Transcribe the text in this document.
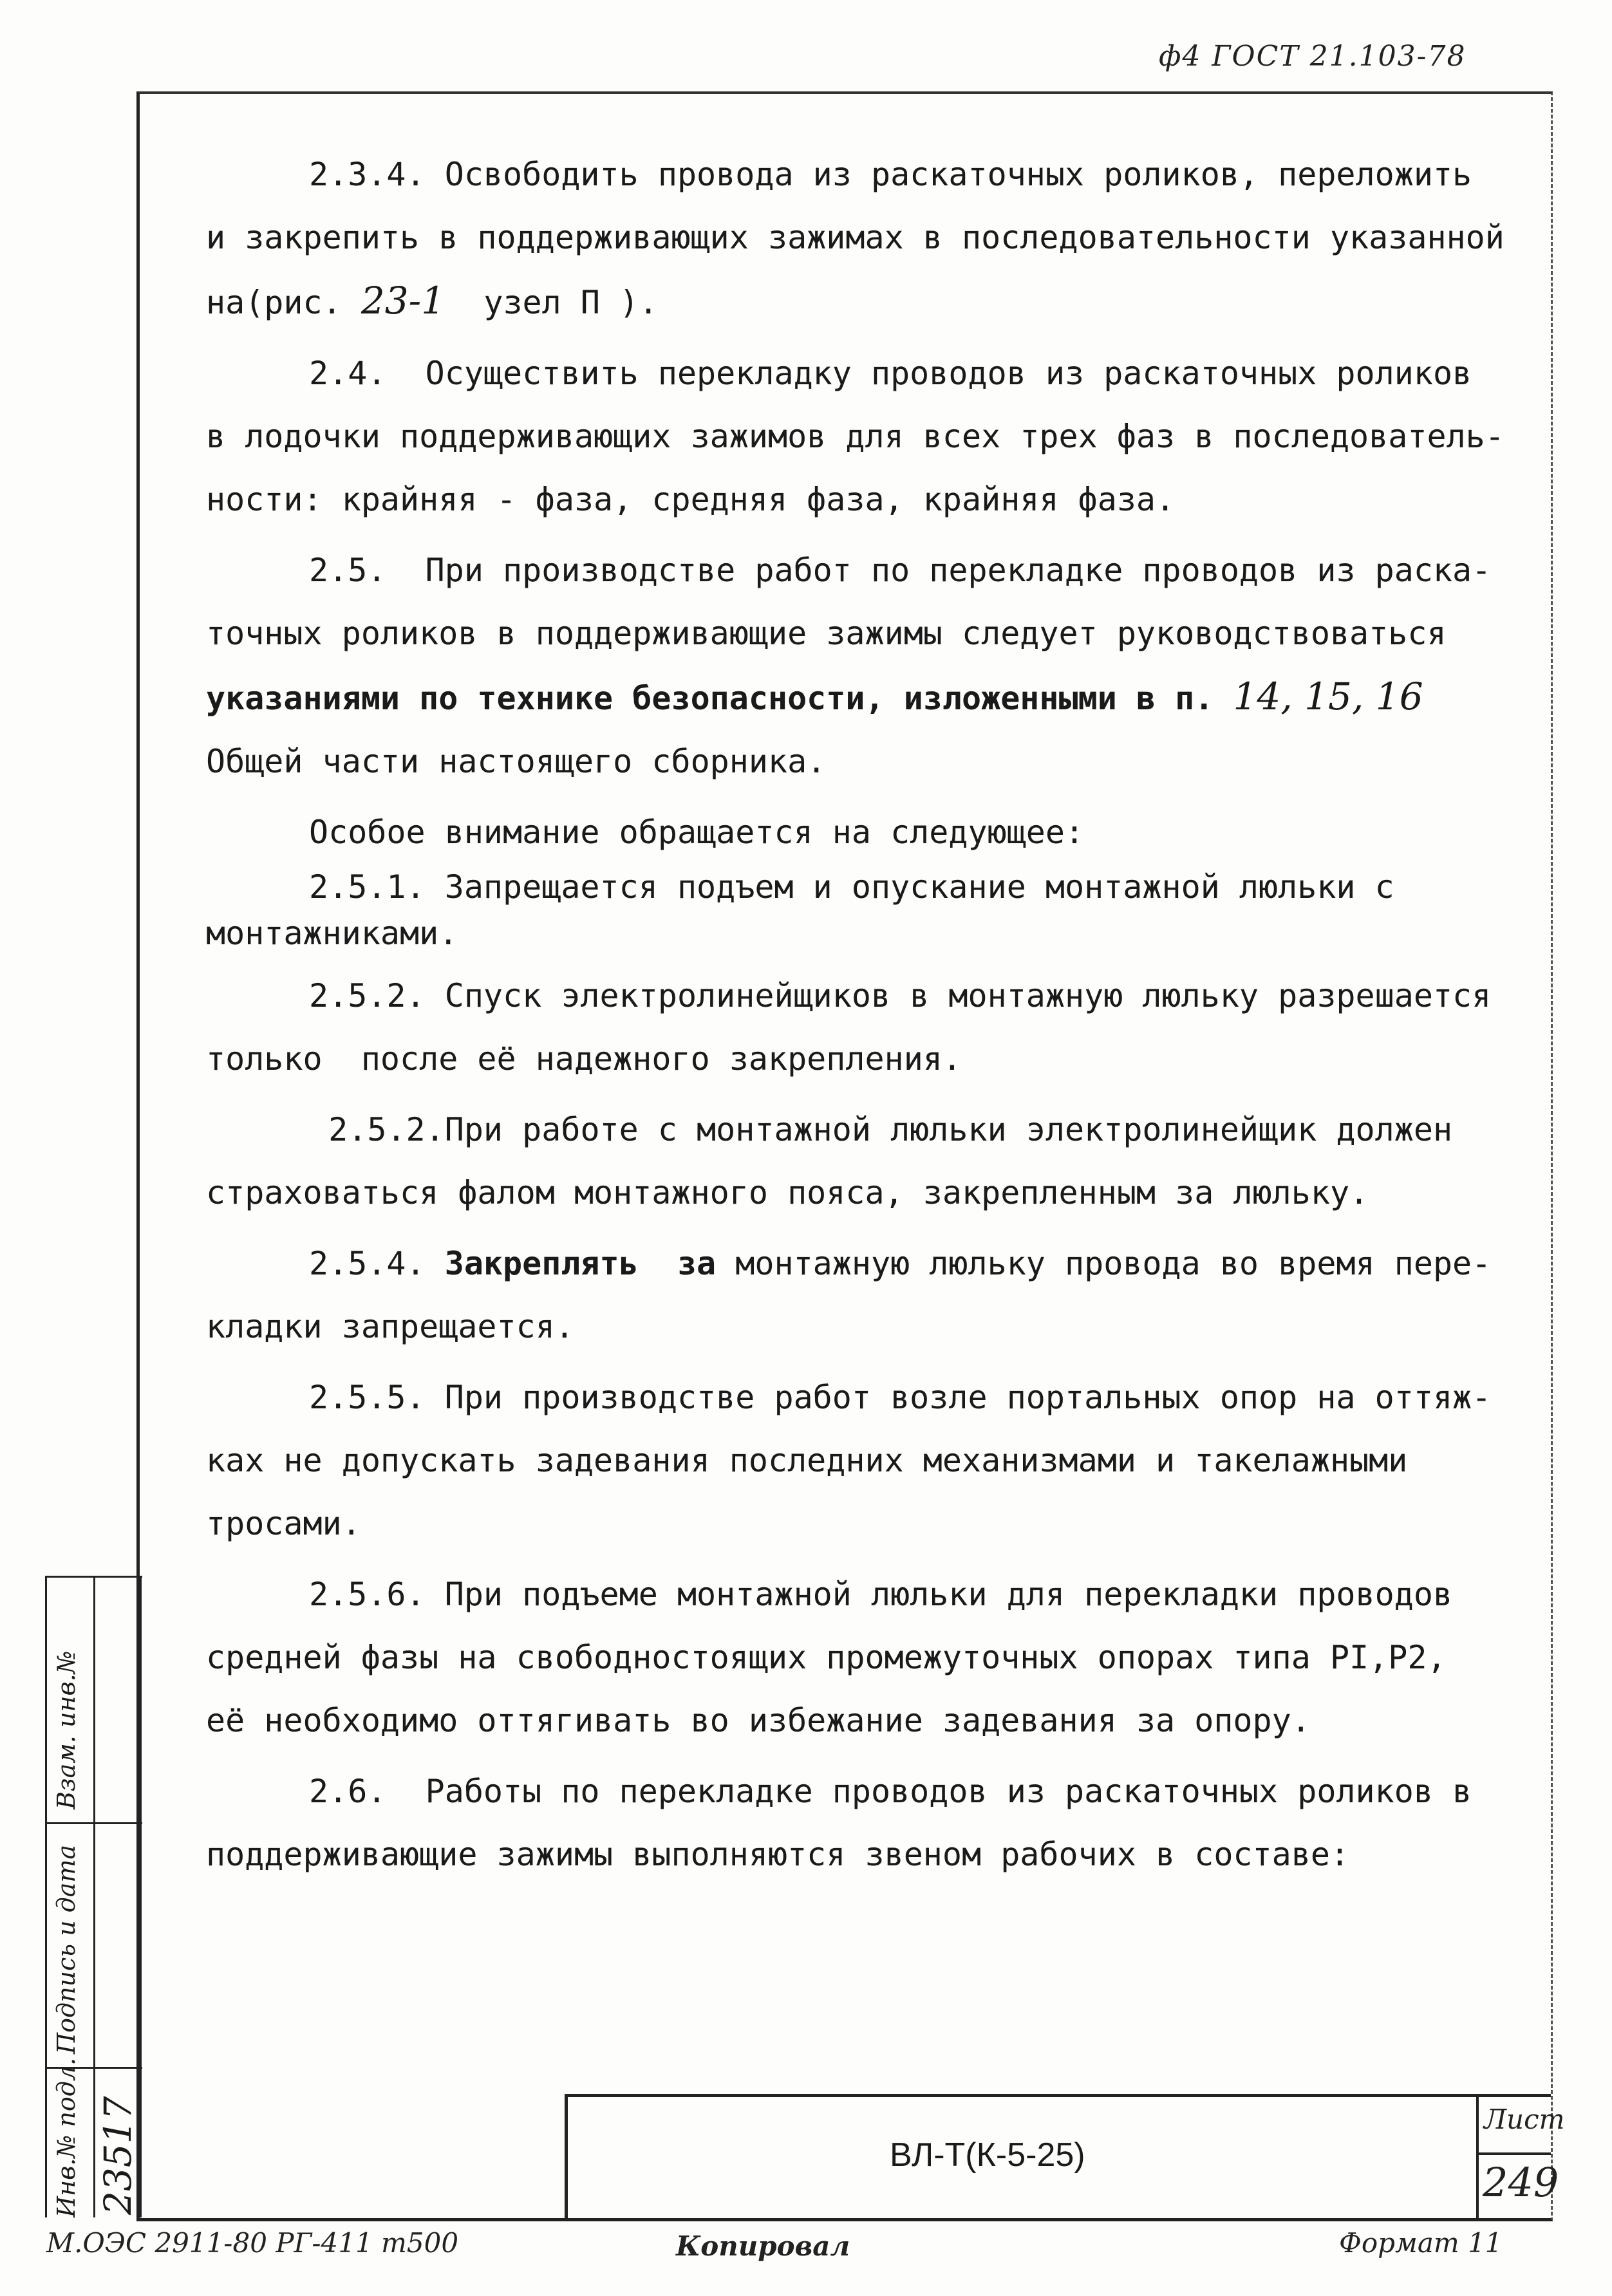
ф4 ГОСТ 21.103-78

2.3.4. Освободить провода из раскаточных роликов, переложить

и закрепить в поддерживающих зажимах в последовательности указанной

на(рис. 23-1  узел П ).

2.4.  Осуществить перекладку проводов из раскаточных роликов

в лодочки поддерживающих зажимов для всех трех фаз в последователь-

ности: крайняя - фаза, средняя фаза, крайняя фаза.

2.5.  При производстве работ по перекладке проводов из раска-

точных роликов в поддерживающие зажимы следует руководствоваться

указаниями по технике безопасности, изложенными в п. 14, 15, 16

Общей части настоящего сборника.

Особое внимание обращается на следующее:

2.5.1. Запрещается подъем и опускание монтажной люльки с

монтажниками.

2.5.2. Спуск электролинейщиков в монтажную люльку разрешается

только  после её надежного закрепления.

2.5.2.При работе с монтажной люльки электролинейщик должен

страховаться фалом монтажного пояса, закрепленным за люльку.

2.5.4. Закреплять  за монтажную люльку провода во время пере-

кладки запрещается.

2.5.5. При производстве работ возле портальных опор на оттяж-

ках не допускать задевания последних механизмами и такелажными

тросами.

2.5.6. При подъеме монтажной люльки для перекладки проводов

средней фазы на свободностоящих промежуточных опорах типа PI,P2,

её необходимо оттягивать во избежание задевания за опору.

2.6.  Работы по перекладке проводов из раскаточных роликов в

поддерживающие зажимы выполняются звеном рабочих в составе:

Инв.№ подл. 23517
Подпись и дата
Взам. инв.№
ВЛ-Т(К-5-25)
Лист
249
М.ОЭС 2911-80 РГ-411 т500	Копировал	Формат 11
